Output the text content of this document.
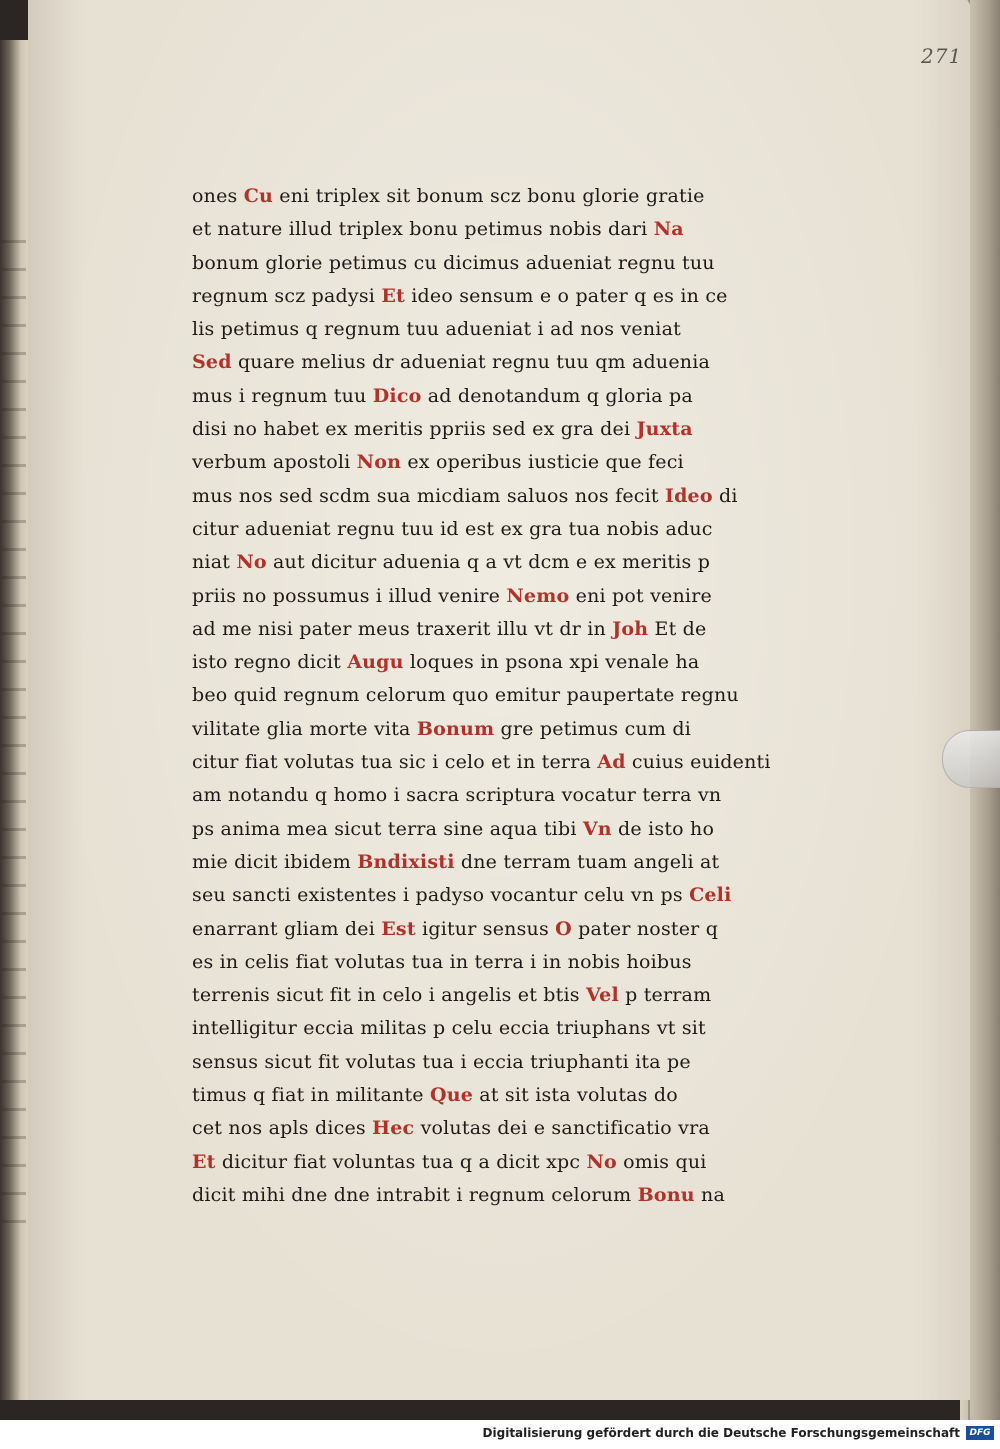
271
ones Cu eni triplex sit bonum scz bonu glorie gratie
et nature illud triplex bonu petimus nobis dari Na
bonum glorie petimus cu dicimus adueniat regnu tuu
regnum scz padysi Et ideo sensum e o pater q es in ce
lis petimus q regnum tuu adueniat i ad nos veniat
Sed quare melius dr adueniat regnu tuu qm aduenia
mus i regnum tuu Dico ad denotandum q gloria pa
disi no habet ex meritis ppriis sed ex gra dei Juxta
verbum apostoli Non ex operibus iusticie que feci
mus nos sed scdm sua micdiam saluos nos fecit Ideo di
citur adueniat regnu tuu id est ex gra tua nobis aduc
niat No aut dicitur aduenia q a vt dcm e ex meritis p
priis no possumus i illud venire Nemo eni pot venire
ad me nisi pater meus traxerit illu vt dr in Joh Et de
isto regno dicit Augu loques in psona xpi venale ha
beo quid regnum celorum quo emitur paupertate regnu
vilitate glia morte vita Bonum gre petimus cum di
citur fiat volutas tua sic i celo et in terra Ad cuius euidenti
am notandu q homo i sacra scriptura vocatur terra vn
ps anima mea sicut terra sine aqua tibi Vn de isto ho
mie dicit ibidem Bndixisti dne terram tuam angeli at
seu sancti existentes i padyso vocantur celu vn ps Celi
enarrant gliam dei Est igitur sensus O pater noster q
es in celis fiat volutas tua in terra i in nobis hoibus
terrenis sicut fit in celo i angelis et btis Vel p terram
intelligitur eccia militas p celu eccia triuphans vt sit
sensus sicut fit volutas tua i eccia triuphanti ita pe
timus q fiat in militante Que at sit ista volutas do
cet nos apls dices Hec volutas dei e sanctificatio vra
Et dicitur fiat voluntas tua q a dicit xpc No omis qui
dicit mihi dne dne intrabit i regnum celorum Bonu na
Digitalisierung gefördert durch die Deutsche Forschungsgemeinschaft	DFG
